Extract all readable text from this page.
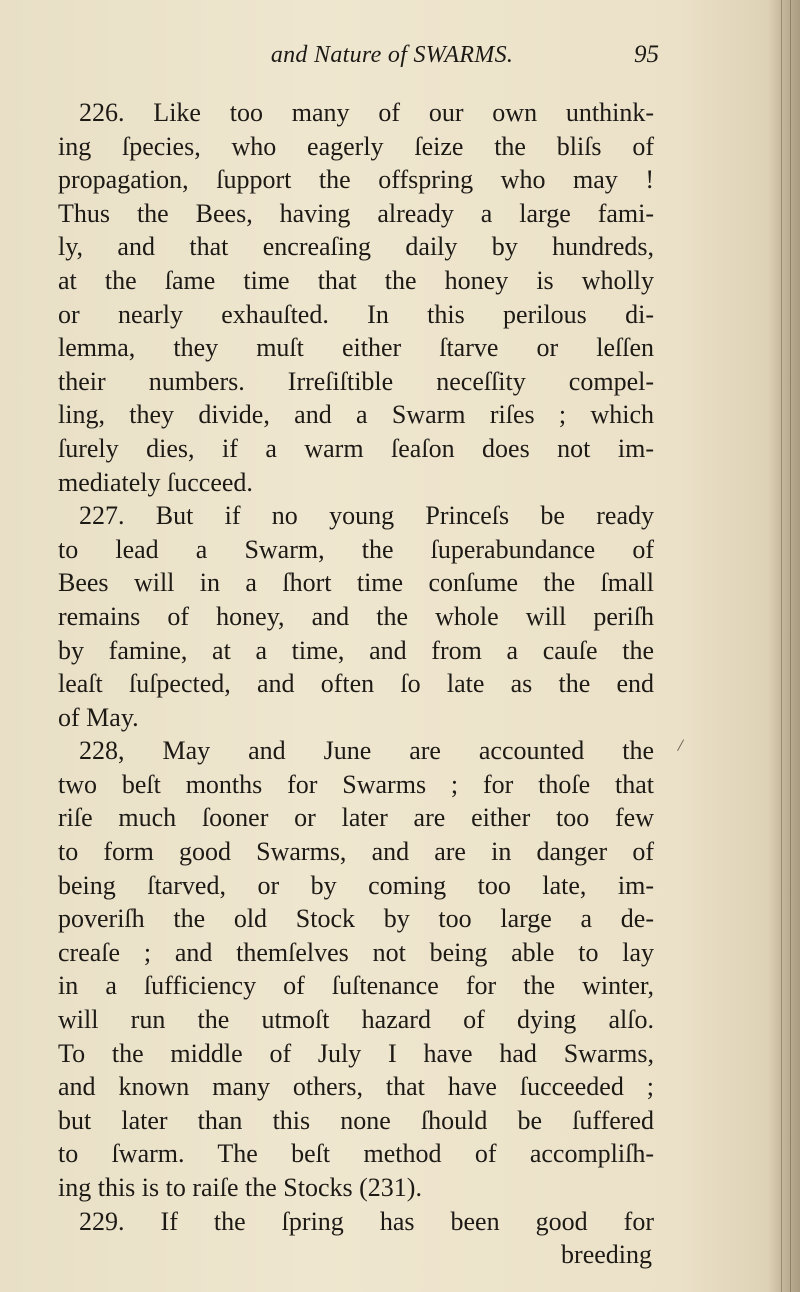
and Nature of SWARMS.	95
226. Like too many of our own unthink-
ing ſpecies, who eagerly ſeize the bliſs of
propagation, ſupport the offspring who may !
Thus the Bees, having already a large fami-
ly, and that encreaſing daily by hundreds,
at the ſame time that the honey is wholly
or nearly exhauſted. In this perilous di-
lemma, they muſt either ſtarve or leſſen
their numbers. Irreſiſtible neceſſity compel-
ling, they divide, and a Swarm riſes ; which
ſurely dies, if a warm ſeaſon does not im-
mediately ſucceed.
227. But if no young Princeſs be ready
to lead a Swarm, the ſuperabundance of
Bees will in a ſhort time conſume the ſmall
remains of honey, and the whole will periſh
by famine, at a time, and from a cauſe the
leaſt ſuſpected, and often ſo late as the end
of May.
228, May and June are accounted the
two beſt months for Swarms ; for thoſe that
riſe much ſooner or later are either too few
to form good Swarms, and are in danger of
being ſtarved, or by coming too late, im-
poveriſh the old Stock by too large a de-
creaſe ; and themſelves not being able to lay
in a ſufficiency of ſuſtenance for the winter,
will run the utmoſt hazard of dying alſo.
To the middle of July I have had Swarms,
and known many others, that have ſucceeded ;
but later than this none ſhould be ſuffered
to ſwarm. The beſt method of accompliſh-
ing this is to raiſe the Stocks (231).
229. If the ſpring has been good for
breeding
/
